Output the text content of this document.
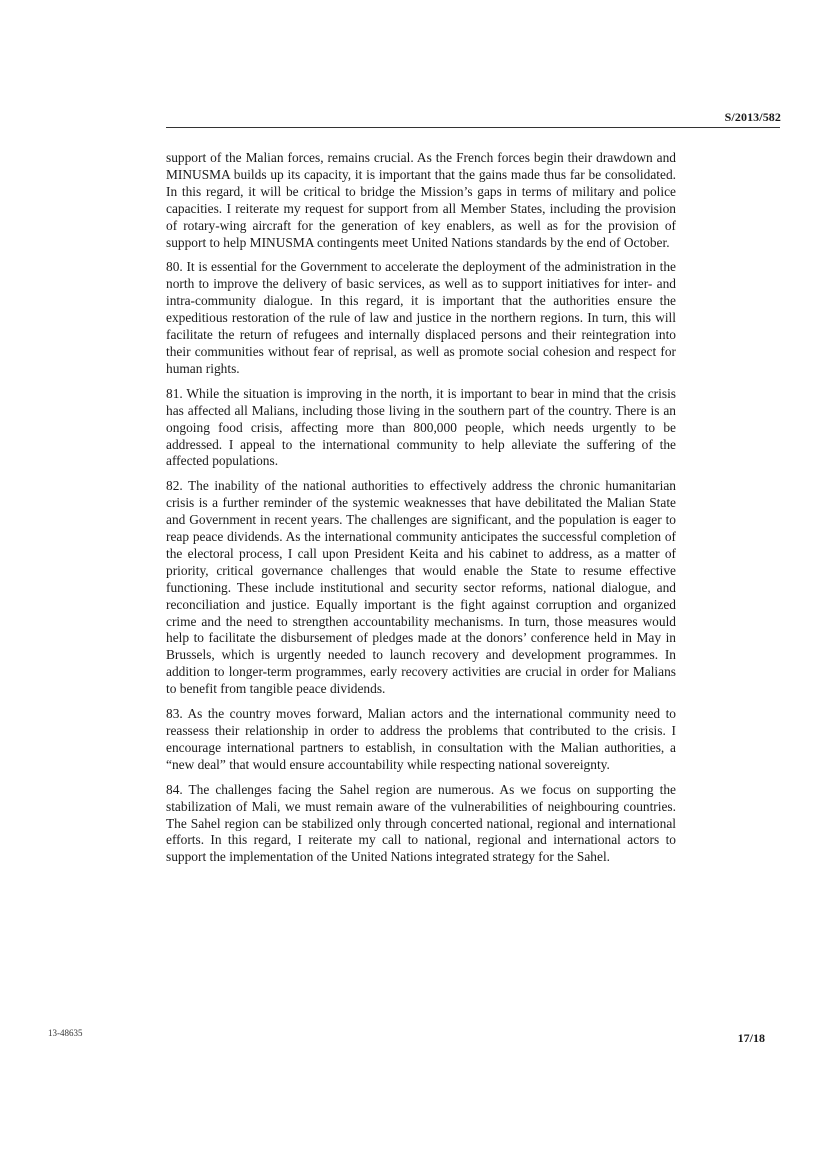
S/2013/582

support of the Malian forces, remains crucial. As the French forces begin their drawdown and MINUSMA builds up its capacity, it is important that the gains made thus far be consolidated. In this regard, it will be critical to bridge the Mission’s gaps in terms of military and police capacities. I reiterate my request for support from all Member States, including the provision of rotary-wing aircraft for the generation of key enablers, as well as for the provision of support to help MINUSMA contingents meet United Nations standards by the end of October.

80. It is essential for the Government to accelerate the deployment of the administration in the north to improve the delivery of basic services, as well as to support initiatives for inter- and intra-community dialogue. In this regard, it is important that the authorities ensure the expeditious restoration of the rule of law and justice in the northern regions. In turn, this will facilitate the return of refugees and internally displaced persons and their reintegration into their communities without fear of reprisal, as well as promote social cohesion and respect for human rights.

81. While the situation is improving in the north, it is important to bear in mind that the crisis has affected all Malians, including those living in the southern part of the country. There is an ongoing food crisis, affecting more than 800,000 people, which needs urgently to be addressed. I appeal to the international community to help alleviate the suffering of the affected populations.

82. The inability of the national authorities to effectively address the chronic humanitarian crisis is a further reminder of the systemic weaknesses that have debilitated the Malian State and Government in recent years. The challenges are significant, and the population is eager to reap peace dividends. As the international community anticipates the successful completion of the electoral process, I call upon President Keita and his cabinet to address, as a matter of priority, critical governance challenges that would enable the State to resume effective functioning. These include institutional and security sector reforms, national dialogue, and reconciliation and justice. Equally important is the fight against corruption and organized crime and the need to strengthen accountability mechanisms. In turn, those measures would help to facilitate the disbursement of pledges made at the donors’ conference held in May in Brussels, which is urgently needed to launch recovery and development programmes. In addition to longer-term programmes, early recovery activities are crucial in order for Malians to benefit from tangible peace dividends.

83. As the country moves forward, Malian actors and the international community need to reassess their relationship in order to address the problems that contributed to the crisis. I encourage international partners to establish, in consultation with the Malian authorities, a “new deal” that would ensure accountability while respecting national sovereignty.

84. The challenges facing the Sahel region are numerous. As we focus on supporting the stabilization of Mali, we must remain aware of the vulnerabilities of neighbouring countries. The Sahel region can be stabilized only through concerted national, regional and international efforts. In this regard, I reiterate my call to national, regional and international actors to support the implementation of the United Nations integrated strategy for the Sahel.

13-48635	17/18
